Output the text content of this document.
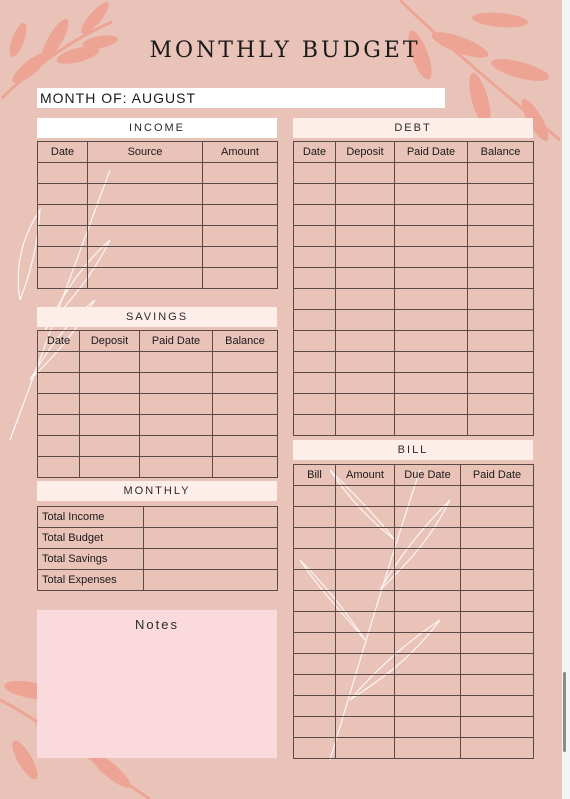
MONTHLY BUDGET
MONTH OF: AUGUST
INCOME
Date	Source	Amount

DEBT
Date	Deposit	Paid Date	Balance

SAVINGS
Date	Deposit	Paid Date	Balance

MONTHLY
Total Income	
Total Budget	
Total Savings	
Total Expenses	
BILL
Bill	Amount	Due Date	Paid Date

Notes
